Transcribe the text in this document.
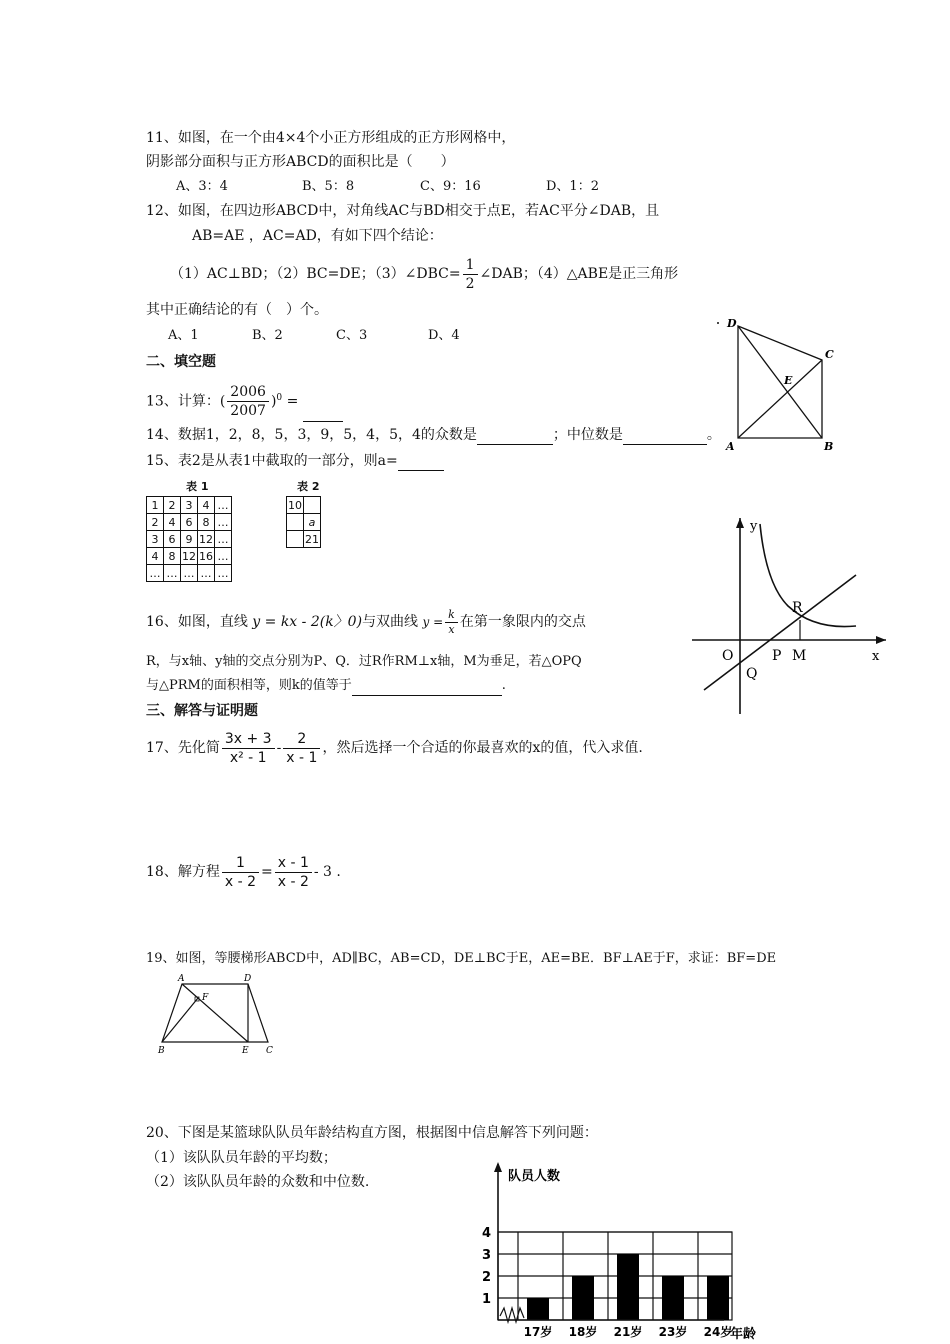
11、如图，在一个由4×4个小正方形组成的正方形网格中，
阴影部分面积与正方形ABCD的面积比是（　　）
A、3：4	B、5：8	C、9：16	D、1：2
12、如图，在四边形ABCD中，对角线AC与BD相交于点E，若AC平分∠DAB，且
AB=AE ，AC=AD，有如下四个结论：
（1）AC⊥BD；（2）BC=DE；（3）∠DBC= $\frac{1}{2}$ ∠DAB；（4）△ABE是正三角形
其中正确结论的有（　）个。
A、1	B、2	C、3	D、4
D
C
E
A	B
二、填空题
13、计算：( $\frac{2006}{2007} )^0$ =
14、数据1，2，8，5，3，9，5，4，5，4的众数是	；中位数是	。
15、表2是从表1中截取的一部分，则a=
表 1
1	2	3	4	…
2	4	6	8	…
3	6	9	12	…
4	8	12	16	…
…	…	…	…	…
表 2
10	
	a
	21
16、如图，直线 y = kx - 2(k〉0)与双曲线 $y = \frac{k}{x}$ 在第一象限内的交点
R，与x轴、y轴的交点分别为P、Q．过R作RM⊥x轴，M为垂足，若△OPQ
与△PRM的面积相等，则k的值等于	.
y
x
O	P M
Q
R
三、解答与证明题
17、先化简 $\frac{3x + 3}{\text{x² - 1}} - \frac{2}{x - 1}$ ，然后选择一个合适的你最喜欢的x的值，代入求值.
18、解方程 $\frac{1}{x - 2} = \frac{x - 1}{x - 2} - 3$ .
19、如图，等腰梯形ABCD中，AD∥BC，AB=CD，DE⊥BC于E，AE=BE．BF⊥AE于F，求证：BF=DE
A	D
F
B	E C
20、下图是某篮球队队员年龄结构直方图，根据图中信息解答下列问题：
（1）该队队员年龄的平均数；
（2）该队队员年龄的众数和中位数.	队员人数
年龄
1
2
3
4
17岁 18岁 21岁 23岁 24岁
